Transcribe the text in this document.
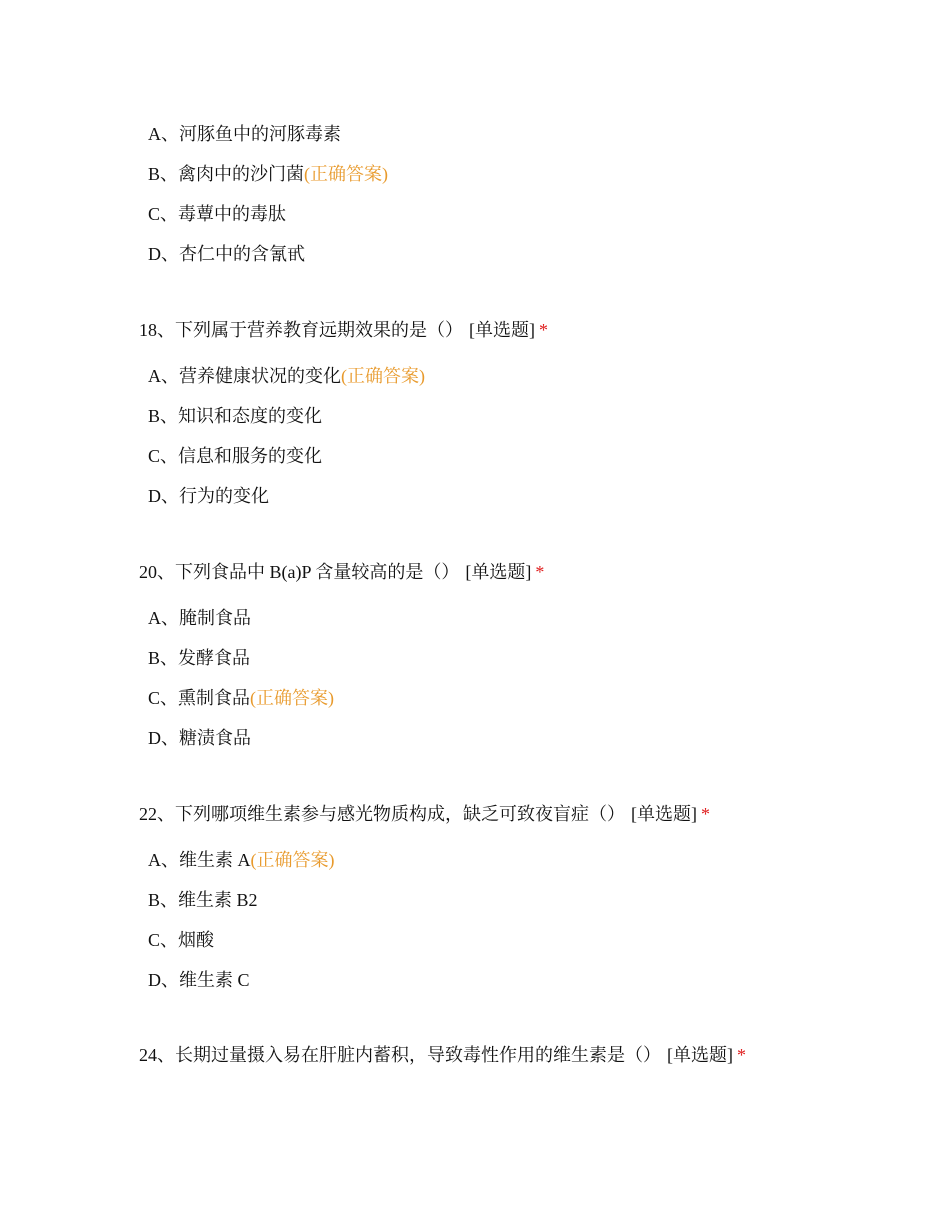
A、河豚鱼中的河豚毒素
B、禽肉中的沙门菌(正确答案)
C、毒蕈中的毒肽
D、杏仁中的含氰甙
18、下列属于营养教育远期效果的是（） [单选题] *
A、营养健康状况的变化(正确答案)
B、知识和态度的变化
C、信息和服务的变化
D、行为的变化
20、下列食品中 B(a)P 含量较高的是（） [单选题] *
A、腌制食品
B、发酵食品
C、熏制食品(正确答案)
D、糖渍食品
22、下列哪项维生素参与感光物质构成，缺乏可致夜盲症（） [单选题] *
A、维生素 A(正确答案)
B、维生素 B2
C、烟酸
D、维生素 C
24、长期过量摄入易在肝脏内蓄积，导致毒性作用的维生素是（） [单选题] *
